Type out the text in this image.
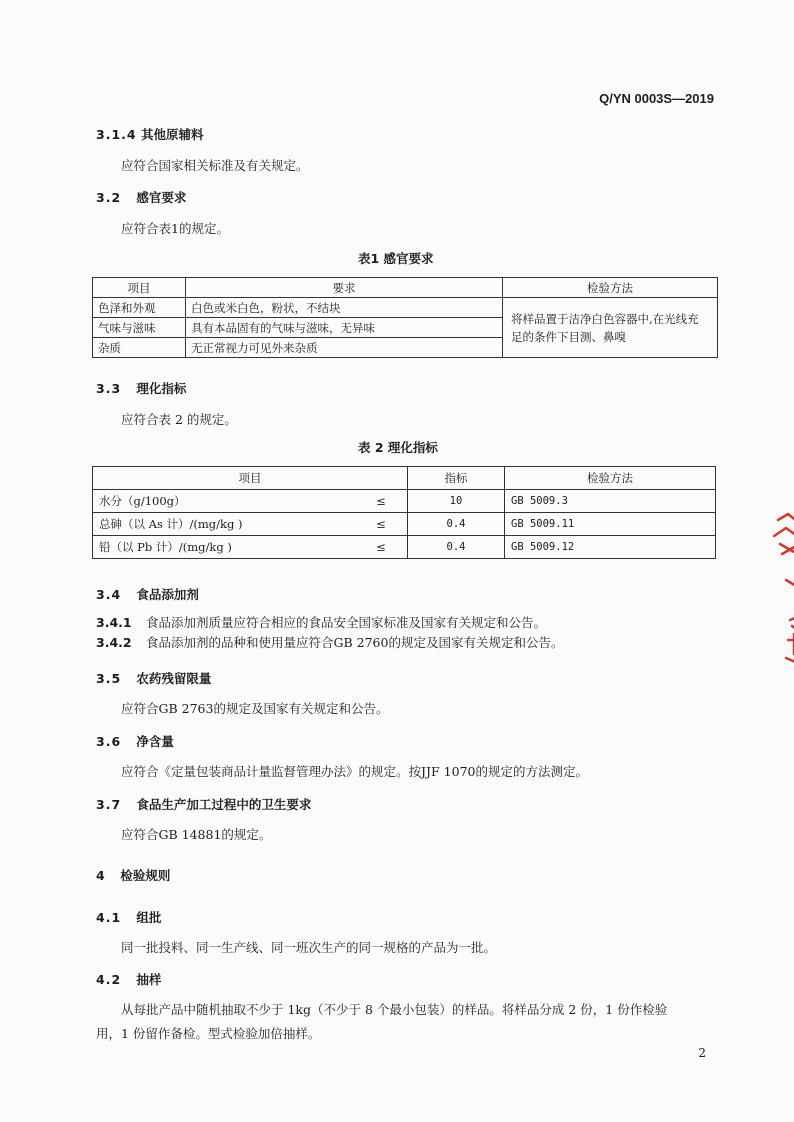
Q/YN 0003S—2019
3.1.4 其他原辅料
应符合国家相关标准及有关规定。
3.2 感官要求
应符合表1的规定。
表1 感官要求
项目	要求	检验方法
色泽和外观	白色或米白色，粉状，不结块	将样品置于洁净白色容器中,在光线充足的条件下目测、鼻嗅
气味与滋味	具有本品固有的气味与滋味，无异味	
杂质	无正常视力可见外来杂质	
3.3 理化指标
应符合表 2 的规定。
表 2 理化指标
项目		指标	检验方法
水分（g/100g）	≤	10	GB 5009.3
总砷（以 As 计）/(mg/kg )	≤	0.4	GB 5009.11
铅（以 Pb 计）/(mg/kg )	≤	0.4	GB 5009.12
3.4 食品添加剂
3.4.1 食品添加剂质量应符合相应的食品安全国家标准及国家有关规定和公告。
3.4.2 食品添加剂的品种和使用量应符合GB 2760的规定及国家有关规定和公告。
3.5 农药残留限量
应符合GB 2763的规定及国家有关规定和公告。
3.6 净含量
应符合《定量包装商品计量监督管理办法》的规定。按JJF 1070的规定的方法测定。
3.7 食品生产加工过程中的卫生要求
应符合GB 14881的规定。
4 检验规则
4.1 组批
同一批投料、同一生产线、同一班次生产的同一规格的产品为一批。
4.2 抽样
从每批产品中随机抽取不少于 1kg（不少于 8 个最小包装）的样品。将样品分成 2 份，1 份作检验
用，1 份留作备检。型式检验加倍抽样。
2
